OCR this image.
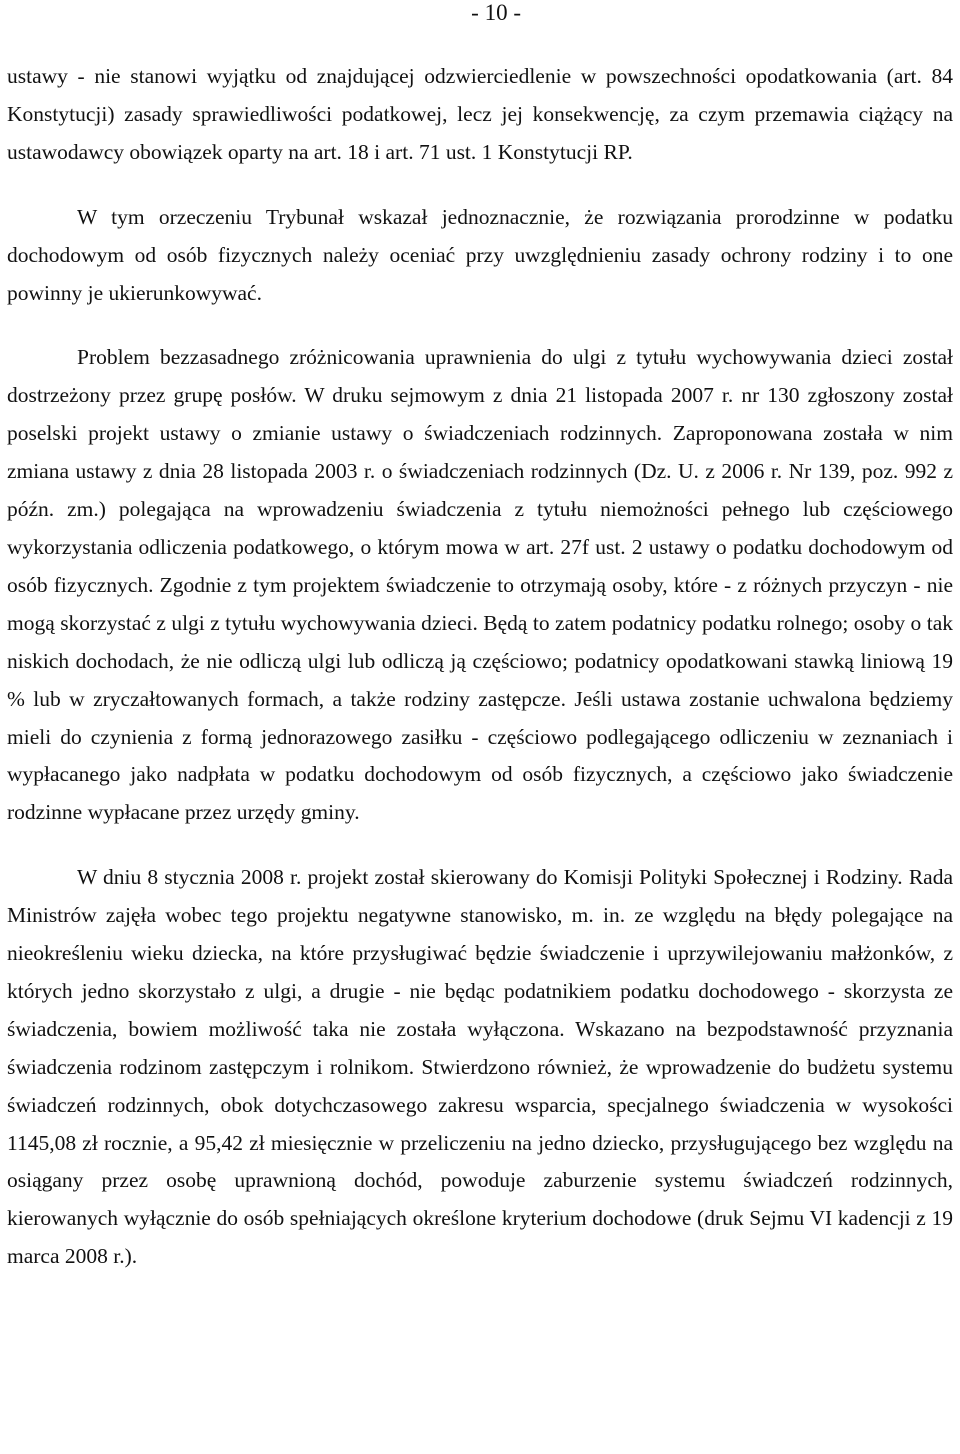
- 10 -

ustawy - nie stanowi wyjątku od znajdującej odzwierciedlenie w powszechności opodatkowania (art. 84 Konstytucji) zasady sprawiedliwości podatkowej, lecz jej konsekwencję, za czym przemawia ciążący na ustawodawcy obowiązek oparty na art. 18 i art. 71 ust. 1 Konstytucji RP.

W tym orzeczeniu Trybunał wskazał jednoznacznie, że rozwiązania prorodzinne w podatku dochodowym od osób fizycznych należy oceniać przy uwzględnieniu zasady ochrony rodziny i to one powinny je ukierunkowywać.

Problem bezzasadnego zróżnicowania uprawnienia do ulgi z tytułu wychowywania dzieci został dostrzeżony przez grupę posłów. W druku sejmowym z dnia 21 listopada 2007 r. nr 130 zgłoszony został poselski projekt ustawy o zmianie ustawy o świadczeniach rodzinnych. Zaproponowana została w nim zmiana ustawy z dnia 28 listopada 2003 r. o świadczeniach rodzinnych (Dz. U. z 2006 r. Nr 139, poz. 992 z późn. zm.) polegająca na wprowadzeniu świadczenia z tytułu niemożności pełnego lub częściowego wykorzystania odliczenia podatkowego, o którym mowa w art. 27f ust. 2 ustawy o podatku dochodowym od osób fizycznych. Zgodnie z tym projektem świadczenie to otrzymają osoby, które - z różnych przyczyn - nie mogą skorzystać z ulgi z tytułu wychowywania dzieci. Będą to zatem podatnicy podatku rolnego; osoby o tak niskich dochodach, że nie odliczą ulgi lub odliczą ją częściowo; podatnicy opodatkowani stawką liniową 19 % lub w zryczałtowanych formach, a także rodziny zastępcze. Jeśli ustawa zostanie uchwalona będziemy mieli do czynienia z formą jednorazowego zasiłku - częściowo podlegającego odliczeniu w zeznaniach i wypłacanego jako nadpłata w podatku dochodowym od osób fizycznych, a częściowo jako świadczenie rodzinne wypłacane przez urzędy gminy.

W dniu 8 stycznia 2008 r. projekt został skierowany do Komisji Polityki Społecznej i Rodziny. Rada Ministrów zajęła wobec tego projektu negatywne stanowisko, m. in. ze względu na błędy polegające na nieokreśleniu wieku dziecka, na które przysługiwać będzie świadczenie i uprzywilejowaniu małżonków, z których jedno skorzystało z ulgi, a drugie - nie będąc podatnikiem podatku dochodowego - skorzysta ze świadczenia, bowiem możliwość taka nie została wyłączona. Wskazano na bezpodstawność przyznania świadczenia rodzinom zastępczym i rolnikom. Stwierdzono również, że wprowadzenie do budżetu systemu świadczeń rodzinnych, obok dotychczasowego zakresu wsparcia, specjalnego świadczenia w wysokości 1145,08 zł rocznie, a 95,42 zł miesięcznie w przeliczeniu na jedno dziecko, przysługującego bez względu na osiągany przez osobę uprawnioną dochód, powoduje zaburzenie systemu świadczeń rodzinnych, kierowanych wyłącznie do osób spełniających określone kryterium dochodowe (druk Sejmu VI kadencji z 19 marca 2008 r.).
